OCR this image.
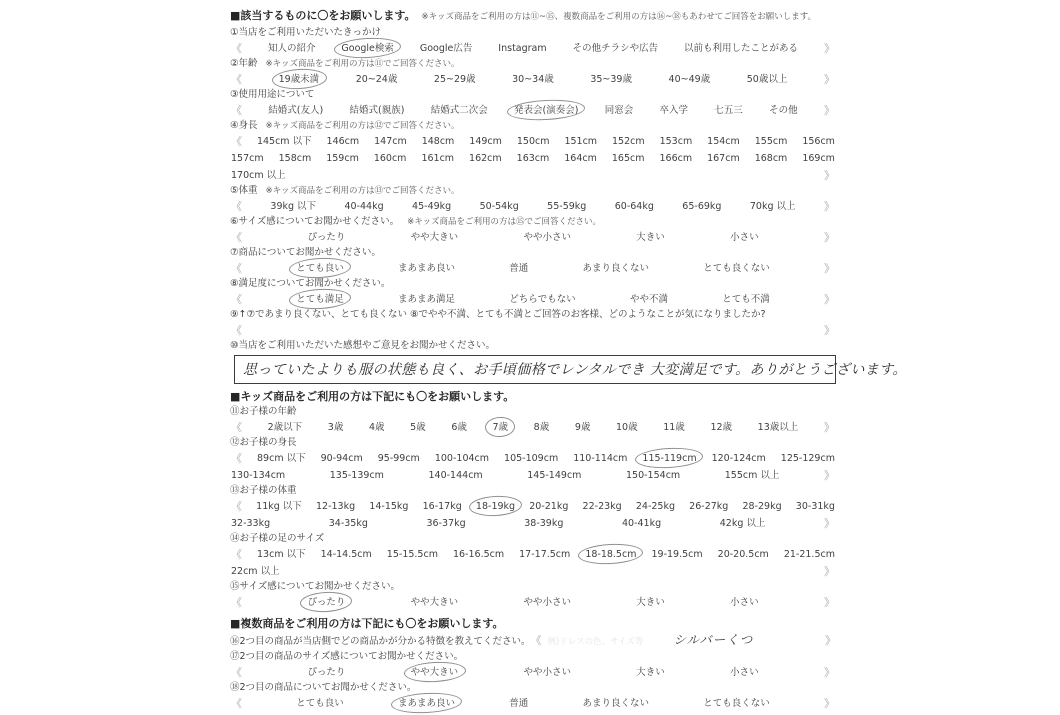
■該当するものに〇をお願いします。 ※キッズ商品をご利用の方は⑪~⑮、複数商品をご利用の方は⑯~⑱もあわせてご回答をお願いします。
①当店をご利用いただいたきっかけ
《	知人の紹介	Google検索	Google広告	Instagram	その他チラシや広告	以前も利用したことがある 》
②年齢 ※キッズ商品をご利用の方は⑪でご回答ください。
《	19歳未満	20~24歳	25~29歳	30~34歳	35~39歳	40~49歳	50歳以上	》
③使用用途について
《	結婚式(友人)	結婚式(親族)	結婚式二次会	発表会(演奏会)	同窓会	卒入学	七五三	その他 》
④身長 ※キッズ商品をご利用の方は⑫でご回答ください。
《 145cm 以下 146cm 147cm 148cm 149cm 150cm 151cm 152cm 153cm 154cm 155cm 156cm
157cm 158cm 159cm 160cm 161cm 162cm 163cm 164cm 165cm 166cm 167cm 168cm 169cm
170cm 以上	》
⑤体重 ※キッズ商品をご利用の方は⑬でご回答ください。
《	39kg 以下	40-44kg	45-49kg	50-54kg	55-59kg	60-64kg	65-69kg	70kg 以上	》
⑥サイズ感についてお聞かせください。 ※キッズ商品をご利用の方は⑮でご回答ください。
《	ぴったり	やや大きい	やや小さい	大きい	小さい	》
⑦商品についてお聞かせください。
《	とても良い	まあまあ良い	普通	あまり良くない	とても良くない	》
⑧満足度についてお聞かせください。
《	とても満足	まあまあ満足	どちらでもない	やや不満	とても不満	》
⑨↑⑦であまり良くない、とても良くない ⑧でやや不満、とても不満とご回答のお客様、どのようなことが気になりましたか?
《	》
⑩当店をご利用いただいた感想やご意見をお聞かせください。
思っていたよりも服の状態も良く、お手頃価格でレンタルでき 大変満足です。ありがとうございます。
■キッズ商品をご利用の方は下記にも〇をお願いします。
⑪お子様の年齢
《	2歳以下	3歳	4歳	5歳	6歳	7歳	8歳	9歳	10歳	11歳	12歳	13歳以上 》
⑫お子様の身長
《 89cm 以下 90-94cm 95-99cm 100-104cm 105-109cm 110-114cm 115-119cm 120-124cm 125-129cm
130-134cm	135-139cm	140-144cm	145-149cm	150-154cm	155cm 以上	》
⑬お子様の体重
《 11kg 以下 12-13kg 14-15kg 16-17kg 18-19kg 20-21kg 22-23kg 24-25kg 26-27kg 28-29kg 30-31kg
32-33kg	34-35kg	36-37kg	38-39kg	40-41kg	42kg 以上	》
⑭お子様の足のサイズ
《 13cm 以下 14-14.5cm 15-15.5cm 16-16.5cm 17-17.5cm 18-18.5cm 19-19.5cm 20-20.5cm 21-21.5cm
22cm 以上	》
⑮サイズ感についてお聞かせください。
《	ぴったり	やや大きい	やや小さい	大きい	小さい	》
■複数商品をご利用の方は下記にも〇をお願いします。
⑯2つ目の商品が当店側でどの商品かが分かる特徴を教えてください。 《 例)ドレスの色、サイズ等 シルバーくつ	》
⑰2つ目の商品のサイズ感についてお聞かせください。
《	ぴったり	やや大きい	やや小さい	大きい	小さい	》
⑱2つ目の商品についてお聞かせください。
《	とても良い	まあまあ良い	普通	あまり良くない	とても良くない	》
